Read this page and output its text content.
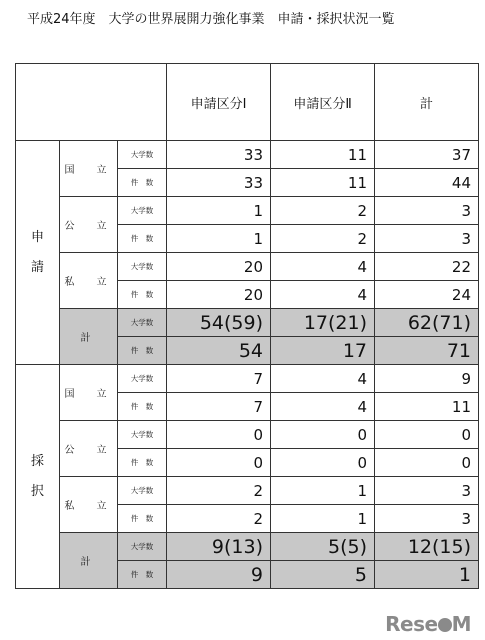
平成24年度　大学の世界展開力強化事業　申請・採択状況一覧
			申請区分Ⅰ	申請区分Ⅱ	計

申
請	国　立	大学数	33	11	37
		件　数	33	11	44
	公　立	大学数	1	2	3
		件　数	1	2	3
	私　立	大学数	20	4	22
		件　数	20	4	24
	計	大学数	54(59)	17(21)	62(71)
		件　数	54	17	71

採
択	国　立	大学数	7	4	9
		件　数	7	4	11
	公　立	大学数	0	0	0
		件　数	0	0	0
	私　立	大学数	2	1	3
		件　数	2	1	3
	計	大学数	9(13)	5(5)	12(15)
		件　数	9	5	1
Rese M
